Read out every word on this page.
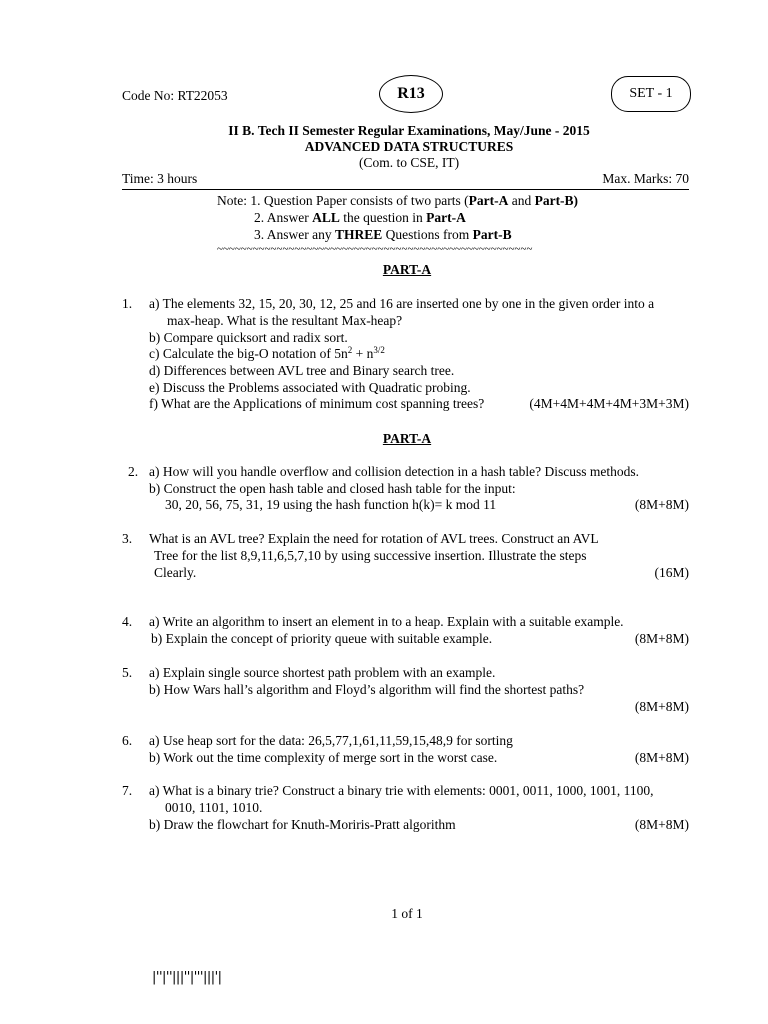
Code No: RT22053	R13	SET - 1
II B. Tech II Semester Regular Examinations, May/June - 2015
ADVANCED DATA STRUCTURES
(Com. to CSE, IT)
Time: 3 hours	Max. Marks: 70
Note: 1. Question Paper consists of two parts (Part-A and Part-B)
2. Answer ALL the question in Part-A
3. Answer any THREE Questions from Part-B
~~~~~~~~~~~~~~~~~~~~~~~~~~~~~~~~~~~~~~~~~~~~~~~~~~~~~
PART-A
1. a) The elements 32, 15, 20, 30, 12, 25 and 16 are inserted one by one in the given order into a
max-heap. What is the resultant Max-heap?
b) Compare quicksort and radix sort.
c) Calculate the big-O notation of $5n^2 + n^{3/2}$
d) Differences between AVL tree and Binary search tree.
e) Discuss the Problems associated with Quadratic probing.
f) What are the Applications of minimum cost spanning trees?	(4M+4M+4M+4M+3M+3M)
PART-A
2. a) How will you handle overflow and collision detection in a hash table? Discuss methods.
b) Construct the open hash table and closed hash table for the input:
30, 20, 56, 75, 31, 19 using the hash function h(k)= k mod 11	(8M+8M)
3. What is an AVL tree? Explain the need for rotation of AVL trees. Construct an AVL
Tree for the list 8,9,11,6,5,7,10 by using successive insertion. Illustrate the steps
Clearly.	(16M)
4. a) Write an algorithm to insert an element in to a heap. Explain with a suitable example.
b) Explain the concept of priority queue with suitable example.	(8M+8M)
5. a) Explain single source shortest path problem with an example.
b) How Wars hall’s algorithm and Floyd’s algorithm will find the shortest paths?
(8M+8M)
6. a) Use heap sort for the data: 26,5,77,1,61,11,59,15,48,9 for sorting
b) Work out the time complexity of merge sort in the worst case.	(8M+8M)
7. a) What is a binary trie? Construct a binary trie with elements: 0001, 0011, 1000, 1001, 1100,
0010, 1101, 1010.
b) Draw the flowchart for Knuth-Moriris-Pratt algorithm	(8M+8M)
1 of 1
|''|''|||''|'''|||'|
